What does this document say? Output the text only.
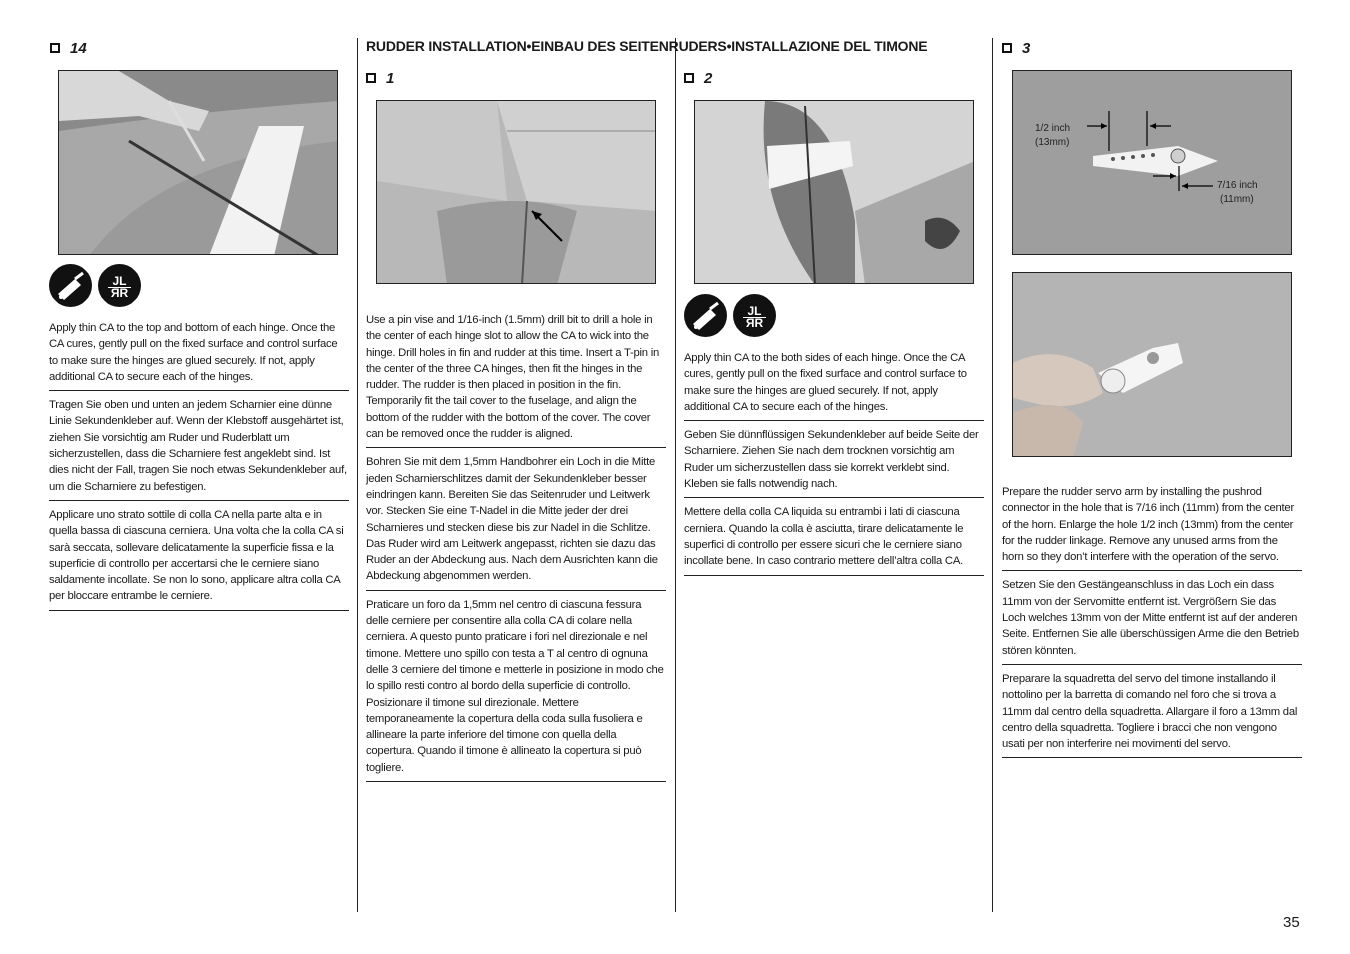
RUDDER INSTALLATION•EINBAU DES SEITENRUDERS•INSTALLAZIONE DEL TIMONE
14
JL
ЯR

Apply thin CA to the top and bottom of each hinge. Once the CA cures, gently pull on the fixed surface and control surface to make sure the hinges are glued securely. If not, apply additional CA to secure each of the hinges.

Tragen Sie oben und unten an jedem Scharnier eine dünne Linie Sekundenkleber auf. Wenn der Klebstoff ausgehärtet ist, ziehen Sie vorsichtig am Ruder und Ruderblatt um sicherzustellen, dass die Scharniere fest angeklebt sind. Ist dies nicht der Fall, tragen Sie noch etwas Sekundenkleber auf, um die Scharniere zu befestigen.

Applicare uno strato sottile di colla CA nella parte alta e in quella bassa di ciascuna cerniera. Una volta che la colla CA si sarà seccata, sollevare delicatamente la superficie fissa e la superficie di controllo per accertarsi che le cerniere siano saldamente incollate. Se non lo sono, applicare altra colla CA per bloccare entrambe le cerniere.

1

Use a pin vise and 1/16-inch (1.5mm) drill bit to drill a hole in the center of each hinge slot to allow the CA to wick into the hinge. Drill holes in fin and rudder at this time. Insert a T-pin in the center of the three CA hinges, then fit the hinges in the rudder. The rudder is then placed in position in the fin. Temporarily fit the tail cover to the fuselage, and align the bottom of the rudder with the bottom of the cover. The cover can be removed once the rudder is aligned.

Bohren Sie mit dem 1,5mm Handbohrer ein Loch in die Mitte jeden Scharnierschlitzes damit der Sekundenkleber besser eindringen kann. Bereiten Sie das Seitenruder und Leitwerk vor. Stecken Sie eine T-Nadel in die Mitte jeder der drei Scharnieres und stecken diese bis zur Nadel in die Schlitze. Das Ruder wird am Leitwerk angepasst, richten sie dazu das Ruder an der Abdeckung aus. Nach dem Ausrichten kann die Abdeckung abgenommen werden.

Praticare un foro da 1,5mm nel centro di ciascuna fessura delle cerniere per consentire alla colla CA di colare nella cerniera. A questo punto praticare i fori nel direzionale e nel timone. Mettere uno spillo con testa a T al centro di ognuna delle 3 cerniere del timone e metterle in posizione in modo che lo spillo resti contro al bordo della superficie di controllo. Posizionare il timone sul direzionale. Mettere temporaneamente la copertura della coda sulla fusoliera e allineare la parte inferiore del timone con quella della copertura. Quando il timone è allineato la copertura si può togliere.

2
JL
ЯR

Apply thin CA to the both sides of each hinge. Once the CA cures, gently pull on the fixed surface and control surface to make sure the hinges are glued securely. If not, apply additional CA to secure each of the hinges.

Geben Sie dünnflüssigen Sekundenkleber auf beide Seite der Scharniere. Ziehen Sie nach dem trocknen vorsichtig am Ruder um sicherzustellen dass sie korrekt verklebt sind. Kleben sie falls notwendig nach.

Mettere della colla CA liquida su entrambi i lati di ciascuna cerniera. Quando la colla è asciutta, tirare delicatamente le superfici di controllo per essere sicuri che le cerniere siano incollate bene. In caso contrario mettere dell’altra colla CA.

3
1/2 inch
(13mm)
7/16 inch
(11mm)

Prepare the rudder servo arm by installing the pushrod connector in the hole that is 7/16 inch (11mm) from the center of the horn. Enlarge the hole 1/2 inch (13mm) from the center for the rudder linkage. Remove any unused arms from the horn so they don’t interfere with the operation of the servo.

Setzen Sie den Gestängeanschluss in das Loch ein dass 11mm von der Servomitte entfernt ist. Vergrößern Sie das Loch welches 13mm von der Mitte entfernt ist auf der anderen Seite. Entfernen Sie alle überschüssigen Arme die den Betrieb stören könnten.

Preparare la squadretta del servo del timone installando il nottolino per la barretta di comando nel foro che si trova a 11mm dal centro della squadretta. Allargare il foro a 13mm dal centro della squadretta. Togliere i bracci che non vengono usati per non interferire nei movimenti del servo.

35
